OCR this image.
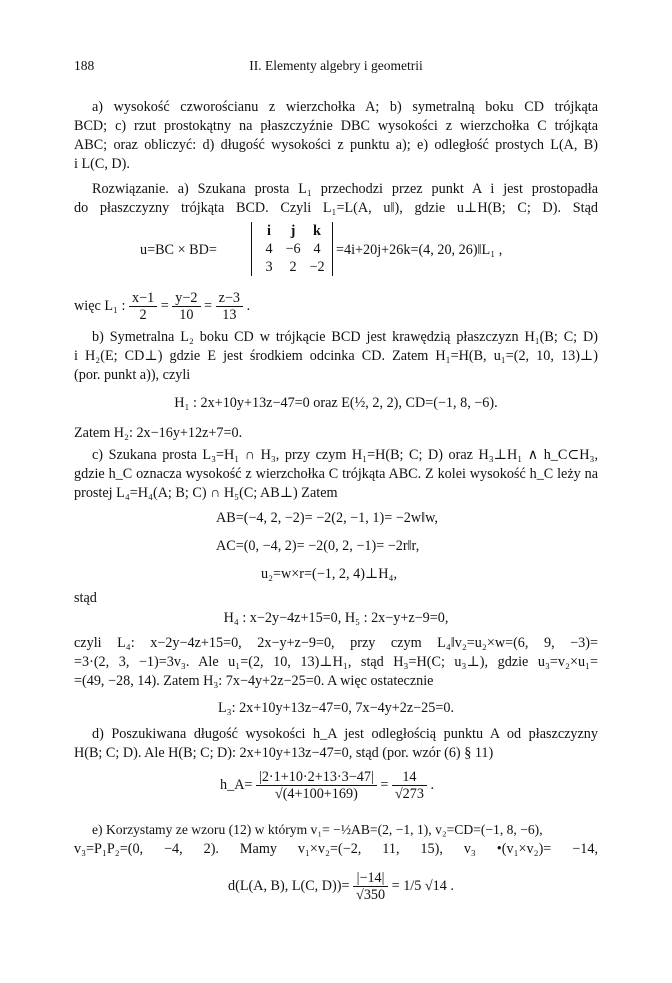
188	II. Elementy algebry i geometrii
a) wysokość czworościanu z wierzchołka A; b) symetralną boku CD trójkąta
BCD; c) rzut prostokątny na płaszczyźnie DBC wysokości z wierzchołka C trójkąta
ABC; oraz obliczyć: d) długość wysokości z punktu a); e) odległość prostych L(A, B)
i L(C, D).
Rozwiązanie. a) Szukana prosta L₁ przechodzi przez punkt A i jest prostopadła
do płaszczyzny trójkąta BCD. Czyli L₁=L(A, u‖), gdzie u⊥H(B; C; D). Stąd
u=BC × BD=
i j k
4 −6 4
3 2 −2
=4i+20j+26k=(4, 20, 26)‖L₁ ,
więc L₁ : $\frac{x-1}{2} = \frac{y-2}{10} = \frac{z-3}{13}$ .
b) Symetralna L₂ boku CD w trójkącie BCD jest krawędzią płaszczyzn H₁(B; C; D)
i H₂(E; CD⊥) gdzie E jest środkiem odcinka CD. Zatem H₁=H(B, u₁=(2, 10, 13)⊥)
(por. punkt a)), czyli
H₁ : 2x+10y+13z−47=0 oraz E(½, 2, 2), CD=(−1, 8, −6).
Zatem H₂: 2x−16y+12z+7=0.
c) Szukana prosta L₃=H₁ ∩ H₃, przy czym H₁=H(B; C; D) oraz H₃⊥H₁ ∧ h_C⊂H₃,
gdzie h_C oznacza wysokość z wierzchołka C trójkąta ABC. Z kolei wysokość h_C leży na
prostej L₄=H₄(A; B; C) ∩ H₅(C; AB⊥) Zatem
AB=(−4, 2, −2)= −2(2, −1, 1)= −2w‖w,
AC=(0, −4, 2)= −2(0, 2, −1)= −2r‖r,
u₂=w×r=(−1, 2, 4)⊥H₄,
stąd
H₄ : x−2y−4z+15=0, H₅ : 2x−y+z−9=0,
czyli L₄: x−2y−4z+15=0, 2x−y+z−9=0, przy czym L₄‖v₂=u₂×w=(6, 9, −3)=
=3·(2, 3, −1)=3v₃. Ale u₁=(2, 10, 13)⊥H₁, stąd H₃=H(C; u₃⊥), gdzie u₃=v₂×u₁=
=(49, −28, 14). Zatem H₃: 7x−4y+2z−25=0. A więc ostatecznie
L₃: 2x+10y+13z−47=0, 7x−4y+2z−25=0.
d) Poszukiwana długość wysokości h_A jest odległością punktu A od płaszczyzny
H(B; C; D). Ale H(B; C; D): 2x+10y+13z−47=0, stąd (por. wzór (6) § 11)
h_A= $\frac{|2\cdot 1+10\cdot 2+13\cdot 3-47|}{√(4+100+169)} = \frac{14}{√273}$ .
e) Korzystamy ze wzoru (12) w którym v₁= −½AB=(2, −1, 1), v₂=CD=(−1, 8, −6),
v₃=P₁P₂=(0, −4, 2). Mamy v₁×v₂=(−2, 11, 15), v₃ •(v₁×v₂)= −14,
d(L(A, B), L(C, $D))= \frac{|-14|}{√350} = 1/5$ √14 .
